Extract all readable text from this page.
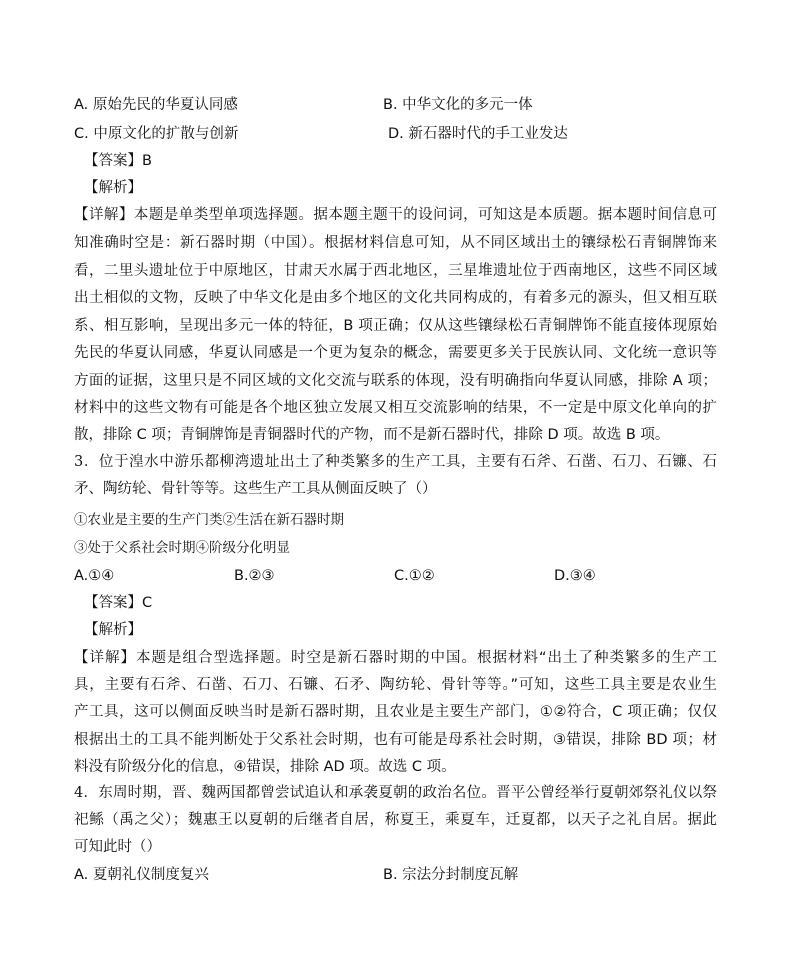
A. 原始先民的华夏认同感	B. 中华文化的多元一体
C. 中原文化的扩散与创新	D. 新石器时代的手工业发达
【答案】B
【解析】
【详解】本题是单类型单项选择题。据本题主题干的设问词，可知这是本质题。据本题时间信息可
知准确时空是：新石器时期（中国）。根据材料信息可知，从不同区域出土的镶绿松石青铜牌饰来
看，二里头遗址位于中原地区，甘肃天水属于西北地区，三星堆遗址位于西南地区，这些不同区域
出土相似的文物，反映了中华文化是由多个地区的文化共同构成的，有着多元的源头，但又相互联
系、相互影响，呈现出多元一体的特征，B 项正确；仅从这些镶绿松石青铜牌饰不能直接体现原始
先民的华夏认同感，华夏认同感是一个更为复杂的概念，需要更多关于民族认同、文化统一意识等
方面的证据，这里只是不同区域的文化交流与联系的体现，没有明确指向华夏认同感，排除 A 项；
材料中的这些文物有可能是各个地区独立发展又相互交流影响的结果，不一定是中原文化单向的扩
散，排除 C 项；青铜牌饰是青铜器时代的产物，而不是新石器时代，排除 D 项。故选 B 项。
3．位于湟水中游乐都柳湾遗址出土了种类繁多的生产工具，主要有石斧、石凿、石刀、石镰、石
矛、陶纺轮、骨针等等。这些生产工具从侧面反映了（）
①农业是主要的生产门类②生活在新石器时期
③处于父系社会时期④阶级分化明显
A.①④	B.②③	C.①②	D.③④
【答案】C
【解析】
【详解】本题是组合型选择题。时空是新石器时期的中国。根据材料“出土了种类繁多的生产工
具，主要有石斧、石凿、石刀、石镰、石矛、陶纺轮、骨针等等。”可知，这些工具主要是农业生
产工具，这可以侧面反映当时是新石器时期，且农业是主要生产部门，①②符合，C 项正确；仅仅
根据出土的工具不能判断处于父系社会时期，也有可能是母系社会时期，③错误，排除 BD 项；材
料没有阶级分化的信息，④错误，排除 AD 项。故选 C 项。
4．东周时期，晋、魏两国都曾尝试追认和承袭夏朝的政治名位。晋平公曾经举行夏朝郊祭礼仪以祭
祀鲧（禹之父）；魏惠王以夏朝的后继者自居，称夏王，乘夏车，迁夏都，以天子之礼自居。据此
可知此时（）
A. 夏朝礼仪制度复兴	B. 宗法分封制度瓦解
